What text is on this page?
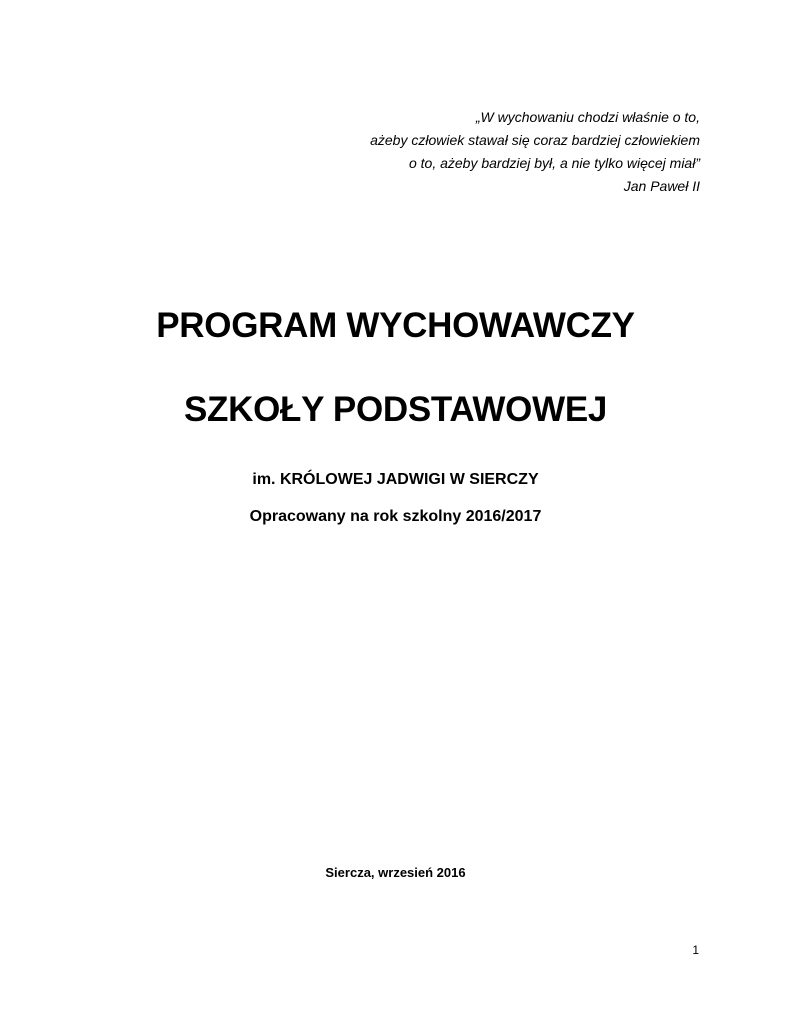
„W wychowaniu chodzi właśnie o to,
ażeby człowiek stawał się coraz bardziej człowiekiem
o to, ażeby bardziej był, a nie tylko więcej miał”
Jan Paweł II
PROGRAM WYCHOWAWCZY
SZKOŁY PODSTAWOWEJ
im. KRÓLOWEJ JADWIGI W SIERCZY
Opracowany na rok szkolny 2016/2017
Siercza, wrzesień 2016
1
